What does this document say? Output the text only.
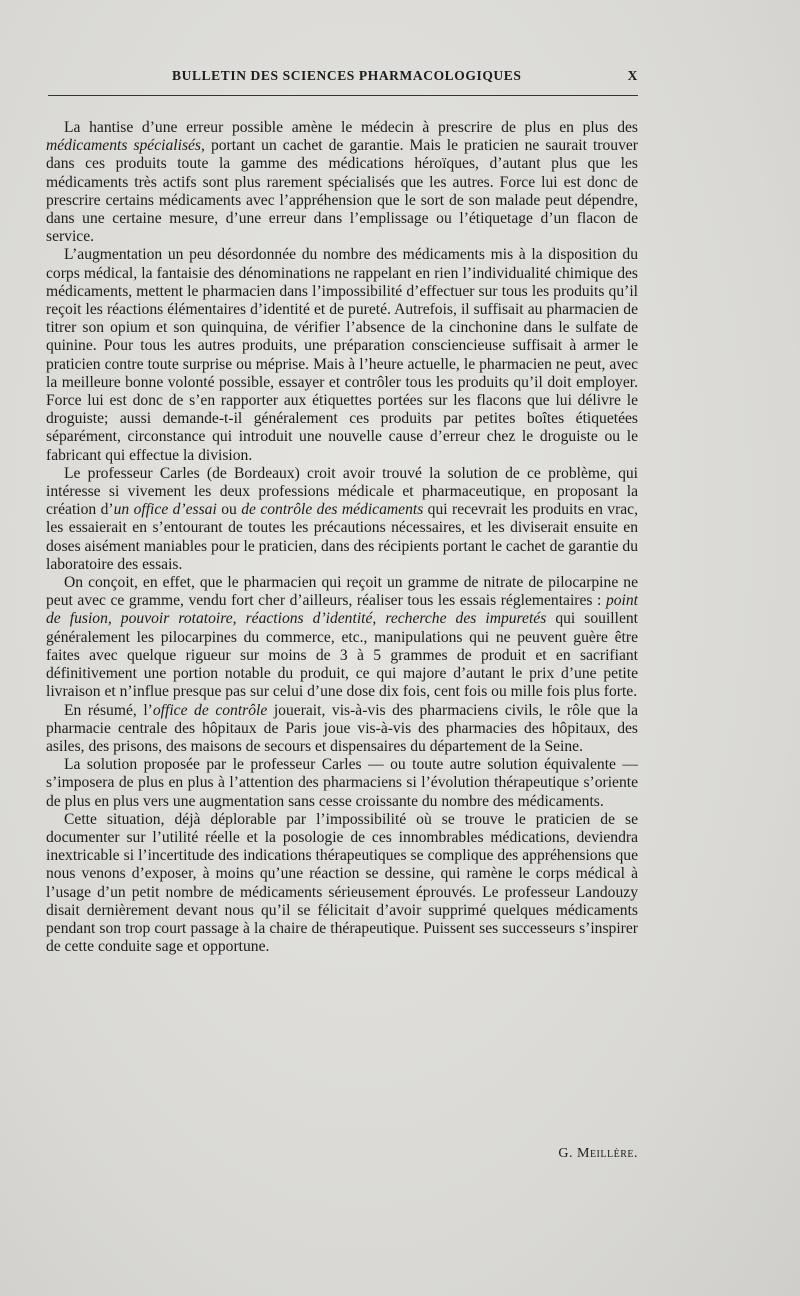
BULLETIN DES SCIENCES PHARMACOLOGIQUES	X

La hantise d’une erreur possible amène le médecin à prescrire de plus en plus des médicaments spécialisés, portant un cachet de garantie. Mais le praticien ne saurait trouver dans ces produits toute la gamme des médications héroïques, d’autant plus que les médicaments très actifs sont plus rarement spécialisés que les autres. Force lui est donc de prescrire certains médicaments avec l’appréhension que le sort de son malade peut dépendre, dans une certaine mesure, d’une erreur dans l’emplissage ou l’étiquetage d’un flacon de service.

L’augmentation un peu désordonnée du nombre des médicaments mis à la disposition du corps médical, la fantaisie des dénominations ne rappelant en rien l’individualité chimique des médicaments, mettent le pharmacien dans l’impossibilité d’effectuer sur tous les produits qu’il reçoit les réactions élémentaires d’identité et de pureté. Autrefois, il suffisait au pharmacien de titrer son opium et son quinquina, de vérifier l’absence de la cinchonine dans le sulfate de quinine. Pour tous les autres produits, une préparation consciencieuse suffisait à armer le praticien contre toute surprise ou méprise. Mais à l’heure actuelle, le pharmacien ne peut, avec la meilleure bonne volonté possible, essayer et contrôler tous les produits qu’il doit employer. Force lui est donc de s’en rapporter aux étiquettes portées sur les flacons que lui délivre le droguiste; aussi demande-t-il généralement ces produits par petites boîtes étiquetées séparément, circonstance qui introduit une nouvelle cause d’erreur chez le droguiste ou le fabricant qui effectue la division.

Le professeur Carles (de Bordeaux) croit avoir trouvé la solution de ce problème, qui intéresse si vivement les deux professions médicale et pharmaceutique, en proposant la création d’un office d’essai ou de contrôle des médicaments qui recevrait les produits en vrac, les essaierait en s’entourant de toutes les précautions nécessaires, et les diviserait ensuite en doses aisément maniables pour le praticien, dans des récipients portant le cachet de garantie du laboratoire des essais.

On conçoit, en effet, que le pharmacien qui reçoit un gramme de nitrate de pilocarpine ne peut avec ce gramme, vendu fort cher d’ailleurs, réaliser tous les essais réglementaires : point de fusion, pouvoir rotatoire, réactions d’identité, recherche des impuretés qui souillent généralement les pilocarpines du commerce, etc., manipulations qui ne peuvent guère être faites avec quelque rigueur sur moins de 3 à 5 grammes de produit et en sacrifiant définitivement une portion notable du produit, ce qui majore d’autant le prix d’une petite livraison et n’influe presque pas sur celui d’une dose dix fois, cent fois ou mille fois plus forte.

En résumé, l’office de contrôle jouerait, vis-à-vis des pharmaciens civils, le rôle que la pharmacie centrale des hôpitaux de Paris joue vis-à-vis des pharmacies des hôpitaux, des asiles, des prisons, des maisons de secours et dispensaires du département de la Seine.

La solution proposée par le professeur Carles — ou toute autre solution équivalente — s’imposera de plus en plus à l’attention des pharmaciens si l’évolution thérapeutique s’oriente de plus en plus vers une augmentation sans cesse croissante du nombre des médicaments.

Cette situation, déjà déplorable par l’impossibilité où se trouve le praticien de se documenter sur l’utilité réelle et la posologie de ces innombrables médications, deviendra inextricable si l’incertitude des indications thérapeutiques se complique des appréhensions que nous venons d’exposer, à moins qu’une réaction se dessine, qui ramène le corps médical à l’usage d’un petit nombre de médicaments sérieusement éprouvés. Le professeur Landouzy disait dernièrement devant nous qu’il se félicitait d’avoir supprimé quelques médicaments pendant son trop court passage à la chaire de thérapeutique. Puissent ses successeurs s’inspirer de cette conduite sage et opportune.

G. Meillère.
